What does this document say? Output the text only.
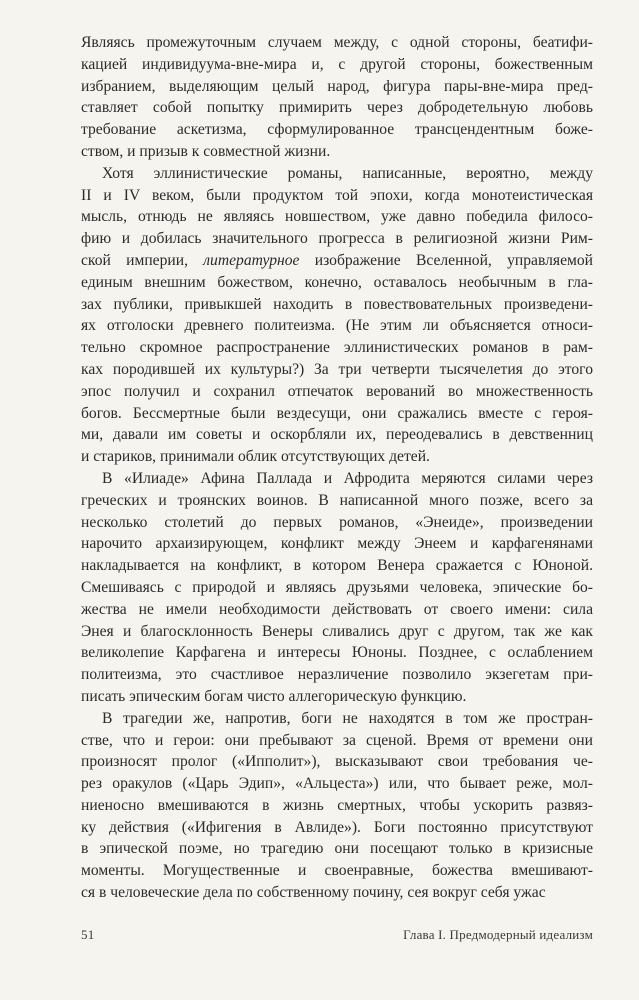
Являясь промежуточным случаем между, с одной стороны, беатифи-
кацией индивидуума-вне-мира и, с другой стороны, божественным
избранием, выделяющим целый народ, фигура пары-вне-мира пред-
ставляет собой попытку примирить через добродетельную любовь
требование аскетизма, сформулированное трансцендентным боже-
ством, и призыв к совместной жизни.
Хотя эллинистические романы, написанные, вероятно, между
II и IV веком, были продуктом той эпохи, когда монотеистическая
мысль, отнюдь не являясь новшеством, уже давно победила филосо-
фию и добилась значительного прогресса в религиозной жизни Рим-
ской империи, литературное изображение Вселенной, управляемой
единым внешним божеством, конечно, оставалось необычным в гла-
зах публики, привыкшей находить в повествовательных произведени-
ях отголоски древнего политеизма. (Не этим ли объясняется относи-
тельно скромное распространение эллинистических романов в рам-
ках породившей их культуры?) За три четверти тысячелетия до этого
эпос получил и сохранил отпечаток верований во множественность
богов. Бессмертные были вездесущи, они сражались вместе с героя-
ми, давали им советы и оскорбляли их, переодевались в девственниц
и стариков, принимали облик отсутствующих детей.
В «Илиаде» Афина Паллада и Афродита меряются силами через
греческих и троянских воинов. В написанной много позже, всего за
несколько столетий до первых романов, «Энеиде», произведении
нарочито архаизирующем, конфликт между Энеем и карфагенянами
накладывается на конфликт, в котором Венера сражается с Юноной.
Смешиваясь с природой и являясь друзьями человека, эпические бо-
жества не имели необходимости действовать от своего имени: сила
Энея и благосклонность Венеры сливались друг с другом, так же как
великолепие Карфагена и интересы Юноны. Позднее, с ослаблением
политеизма, это счастливое неразличение позволило экзегетам при-
писать эпическим богам чисто аллегорическую функцию.
В трагедии же, напротив, боги не находятся в том же простран-
стве, что и герои: они пребывают за сценой. Время от времени они
произносят пролог («Ипполит»), высказывают свои требования че-
рез оракулов («Царь Эдип», «Альцеста») или, что бывает реже, мол-
ниеносно вмешиваются в жизнь смертных, чтобы ускорить развяз-
ку действия («Ифигения в Авлиде»). Боги постоянно присутствуют
в эпической поэме, но трагедию они посещают только в кризисные
моменты. Могущественные и своенравные, божества вмешивают-
ся в человеческие дела по собственному почину, сея вокруг себя ужас
51	Глава I. Предмодерный идеализм
